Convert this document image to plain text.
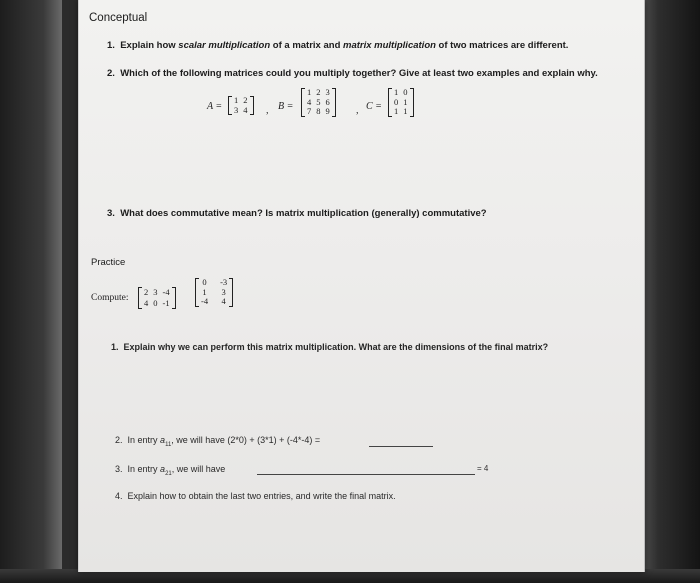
Conceptual
1. Explain how scalar multiplication of a matrix and matrix multiplication of two matrices are different.
2. Which of the following matrices could you multiply together? Give at least two examples and explain why.
A =
1 2
3 4 , B =
1 2 3
4 5 6
7 8 9	, C =
1 0
0 1
1 1
3. What does commutative mean? Is matrix multiplication (generally) commutative?
Practice
Compute:
2 3 -4
4 0 -1
0 -3
1 3
-4 4
1. Explain why we can perform this matrix multiplication. What are the dimensions of the final matrix?
2. In entry $a_{11}$, we will have (2*0) + (3*1) + (-4*-4) =
3. In entry $a_{21}$, we will have	= 4
4. Explain how to obtain the last two entries, and write the final matrix.
